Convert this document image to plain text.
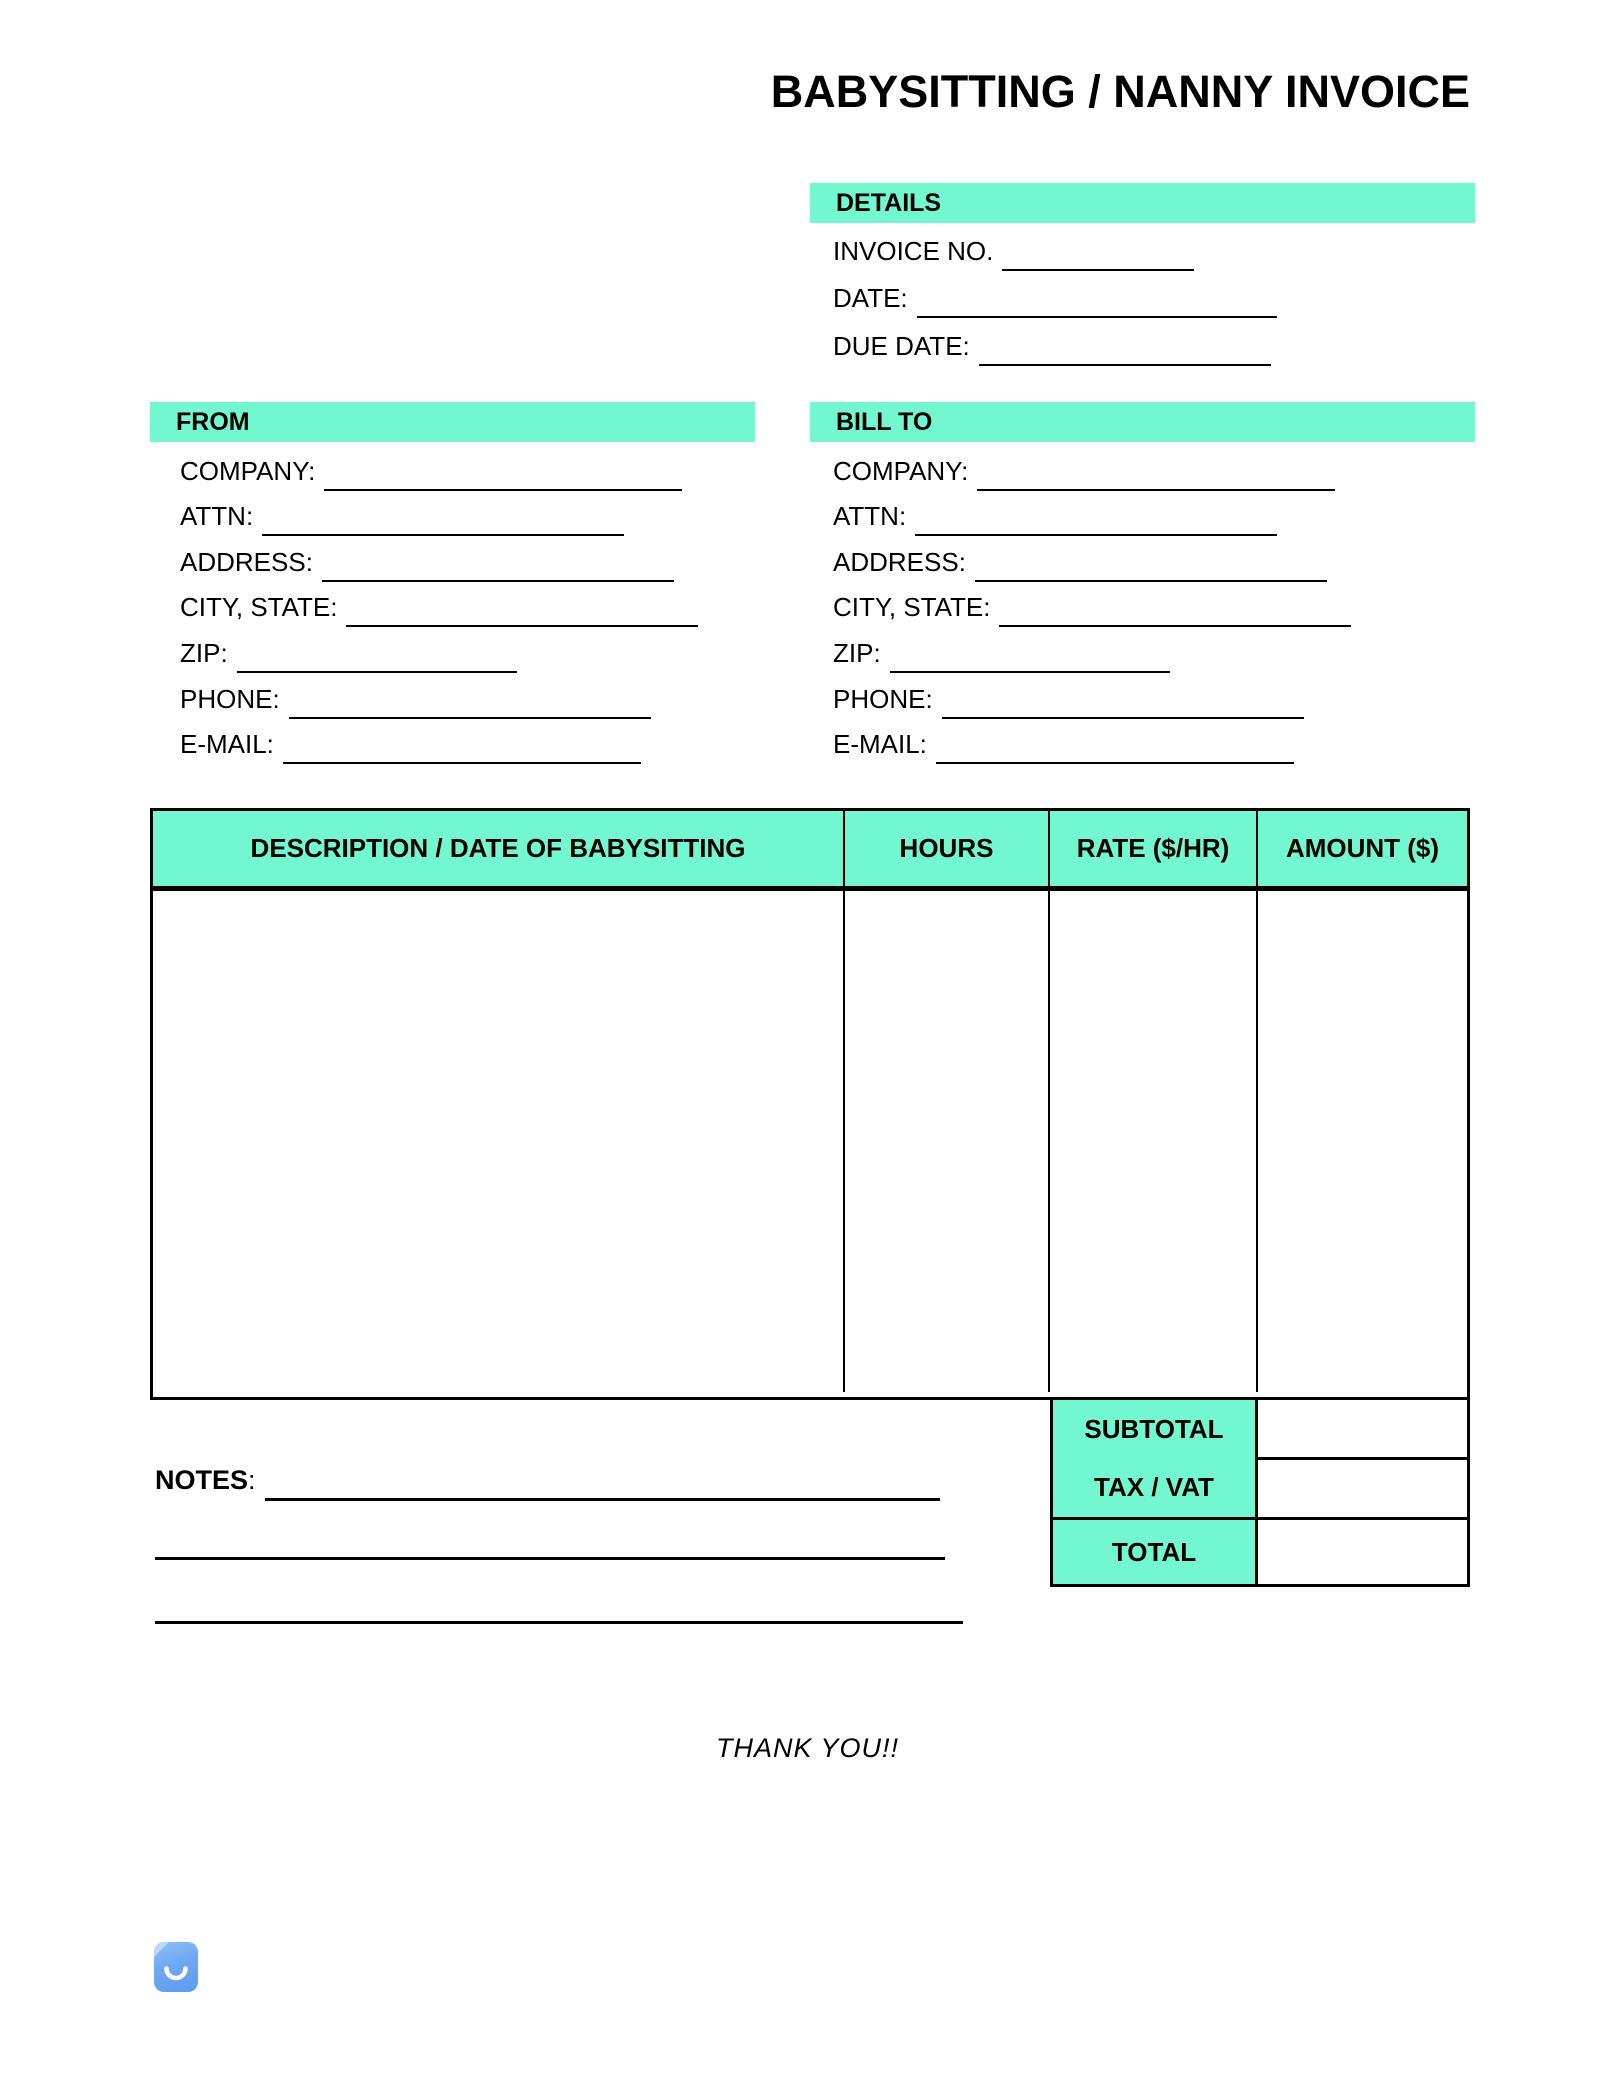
BABYSITTING / NANNY INVOICE
DETAILS
INVOICE NO.
DATE:
DUE DATE:
FROM
COMPANY:
ATTN:
ADDRESS:
CITY, STATE:
ZIP:
PHONE:
E-MAIL:
BILL TO
COMPANY:
ATTN:
ADDRESS:
CITY, STATE:
ZIP:
PHONE:
E-MAIL:
DESCRIPTION / DATE OF BABYSITTING	HOURS	RATE ($/HR)	AMOUNT ($)
SUBTOTAL
TAX / VAT
TOTAL
NOTES :
THANK YOU!!
